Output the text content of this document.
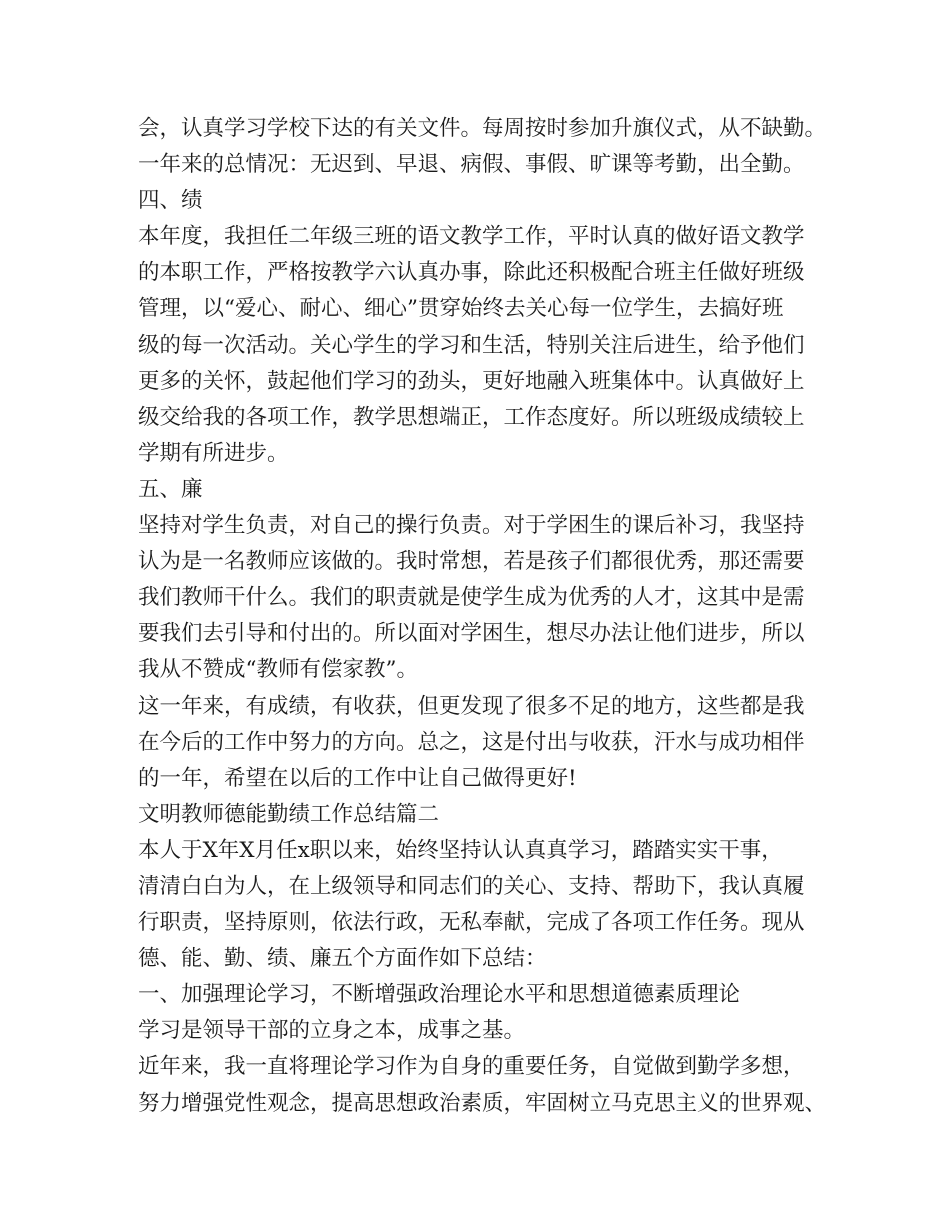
会，认真学习学校下达的有关文件。每周按时参加升旗仪式，从不缺勤。
一年来的总情况：无迟到、早退、病假、事假、旷课等考勤，出全勤。
四、绩
本年度，我担任二年级三班的语文教学工作，平时认真的做好语文教学
的本职工作，严格按教学六认真办事，除此还积极配合班主任做好班级
管理，以“爱心、耐心、细心”贯穿始终去关心每一位学生，去搞好班
级的每一次活动。关心学生的学习和生活，特别关注后进生，给予他们
更多的关怀，鼓起他们学习的劲头，更好地融入班集体中。认真做好上
级交给我的各项工作，教学思想端正，工作态度好。所以班级成绩较上
学期有所进步。
五、廉
坚持对学生负责，对自己的操行负责。对于学困生的课后补习，我坚持
认为是一名教师应该做的。我时常想，若是孩子们都很优秀，那还需要
我们教师干什么。我们的职责就是使学生成为优秀的人才，这其中是需
要我们去引导和付出的。所以面对学困生，想尽办法让他们进步，所以
我从不赞成“教师有偿家教”。
这一年来，有成绩，有收获，但更发现了很多不足的地方，这些都是我
在今后的工作中努力的方向。总之，这是付出与收获，汗水与成功相伴
的一年，希望在以后的工作中让自己做得更好!
文明教师德能勤绩工作总结篇二
本人于X年X月任x职以来，始终坚持认认真真学习，踏踏实实干事，
清清白白为人，在上级领导和同志们的关心、支持、帮助下，我认真履
行职责，坚持原则，依法行政，无私奉献，完成了各项工作任务。现从
德、能、勤、绩、廉五个方面作如下总结：
一、加强理论学习，不断增强政治理论水平和思想道德素质理论
学习是领导干部的立身之本，成事之基。
近年来，我一直将理论学习作为自身的重要任务，自觉做到勤学多想，
努力增强党性观念，提高思想政治素质，牢固树立马克思主义的世界观、
